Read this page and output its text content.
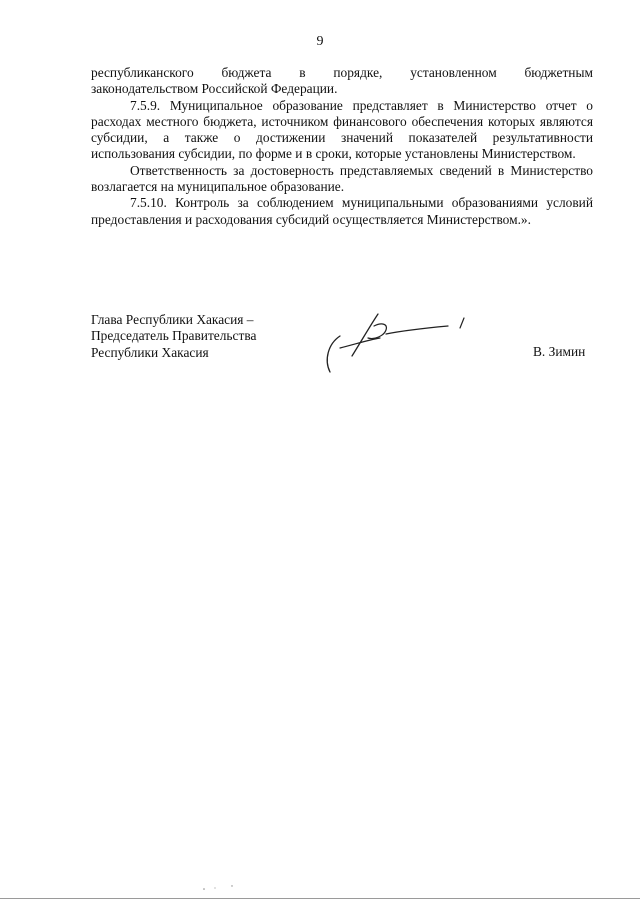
9

республиканского бюджета в порядке, установленном бюджетным

законодательством Российской Федерации.

7.5.9. Муниципальное образование представляет в Министерство отчет о расходах местного бюджета, источником финансового обеспечения которых являются субсидии, а также о достижении значений показателей результативности использования субсидии, по форме и в сроки, которые установлены Министерством.

Ответственность за достоверность представляемых сведений в Министерство возлагается на муниципальное образование.

7.5.10. Контроль за соблюдением муниципальными образованиями условий предоставления и расходования субсидий осуществляется Министерством.».

Глава Республики Хакасия –
Председатель Правительства
Республики Хакасия	В. Зимин
